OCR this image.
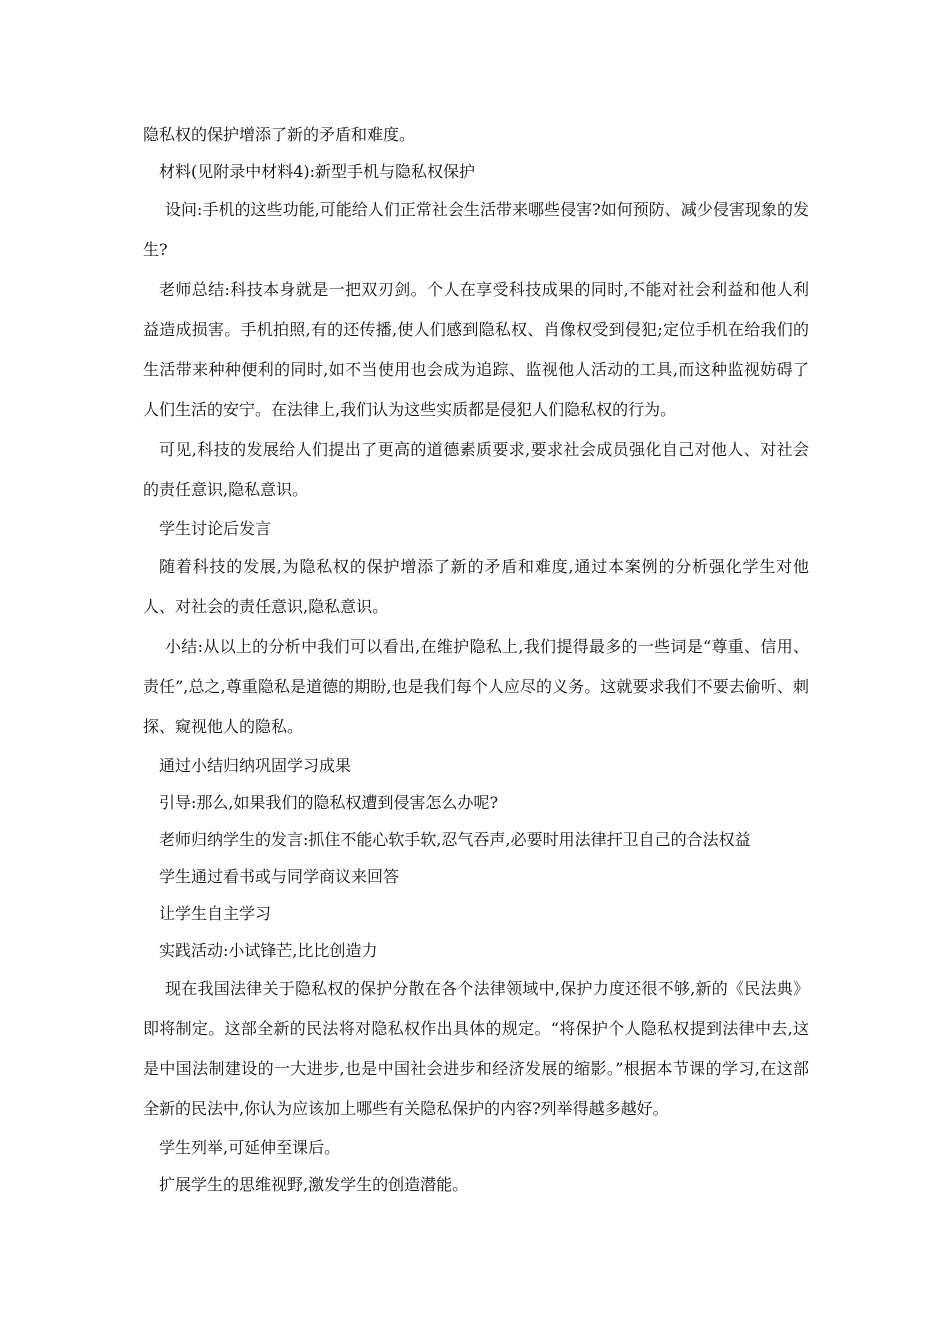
隐私权的保护增添了新的矛盾和难度。

材料(见附录中材料4):新型手机与隐私权保护

设问:手机的这些功能,可能给人们正常社会生活带来哪些侵害?如何预防、减少侵害现象的发生?

老师总结:科技本身就是一把双刃剑。个人在享受科技成果的同时,不能对社会利益和他人利益造成损害。手机拍照,有的还传播,使人们感到隐私权、肖像权受到侵犯;定位手机在给我们的生活带来种种便利的同时,如不当使用也会成为追踪、监视他人活动的工具,而这种监视妨碍了人们生活的安宁。在法律上,我们认为这些实质都是侵犯人们隐私权的行为。

可见,科技的发展给人们提出了更高的道德素质要求,要求社会成员强化自己对他人、对社会的责任意识,隐私意识。

学生讨论后发言

随着科技的发展,为隐私权的保护增添了新的矛盾和难度,通过本案例的分析强化学生对他人、对社会的责任意识,隐私意识。

小结:从以上的分析中我们可以看出,在维护隐私上,我们提得最多的一些词是“尊重、信用、责任”,总之,尊重隐私是道德的期盼,也是我们每个人应尽的义务。这就要求我们不要去偷听、刺探、窥视他人的隐私。

通过小结归纳巩固学习成果

引导:那么,如果我们的隐私权遭到侵害怎么办呢?

老师归纳学生的发言:抓住不能心软手软,忍气吞声,必要时用法律扞卫自己的合法权益

学生通过看书或与同学商议来回答

让学生自主学习

实践活动:小试锋芒,比比创造力

现在我国法律关于隐私权的保护分散在各个法律领域中,保护力度还很不够,新的《民法典》即将制定。这部全新的民法将对隐私权作出具体的规定。“将保护个人隐私权提到法律中去,这是中国法制建设的一大进步,也是中国社会进步和经济发展的缩影。”根据本节课的学习,在这部全新的民法中,你认为应该加上哪些有关隐私保护的内容?列举得越多越好。

学生列举,可延伸至课后。

扩展学生的思维视野,激发学生的创造潜能。
